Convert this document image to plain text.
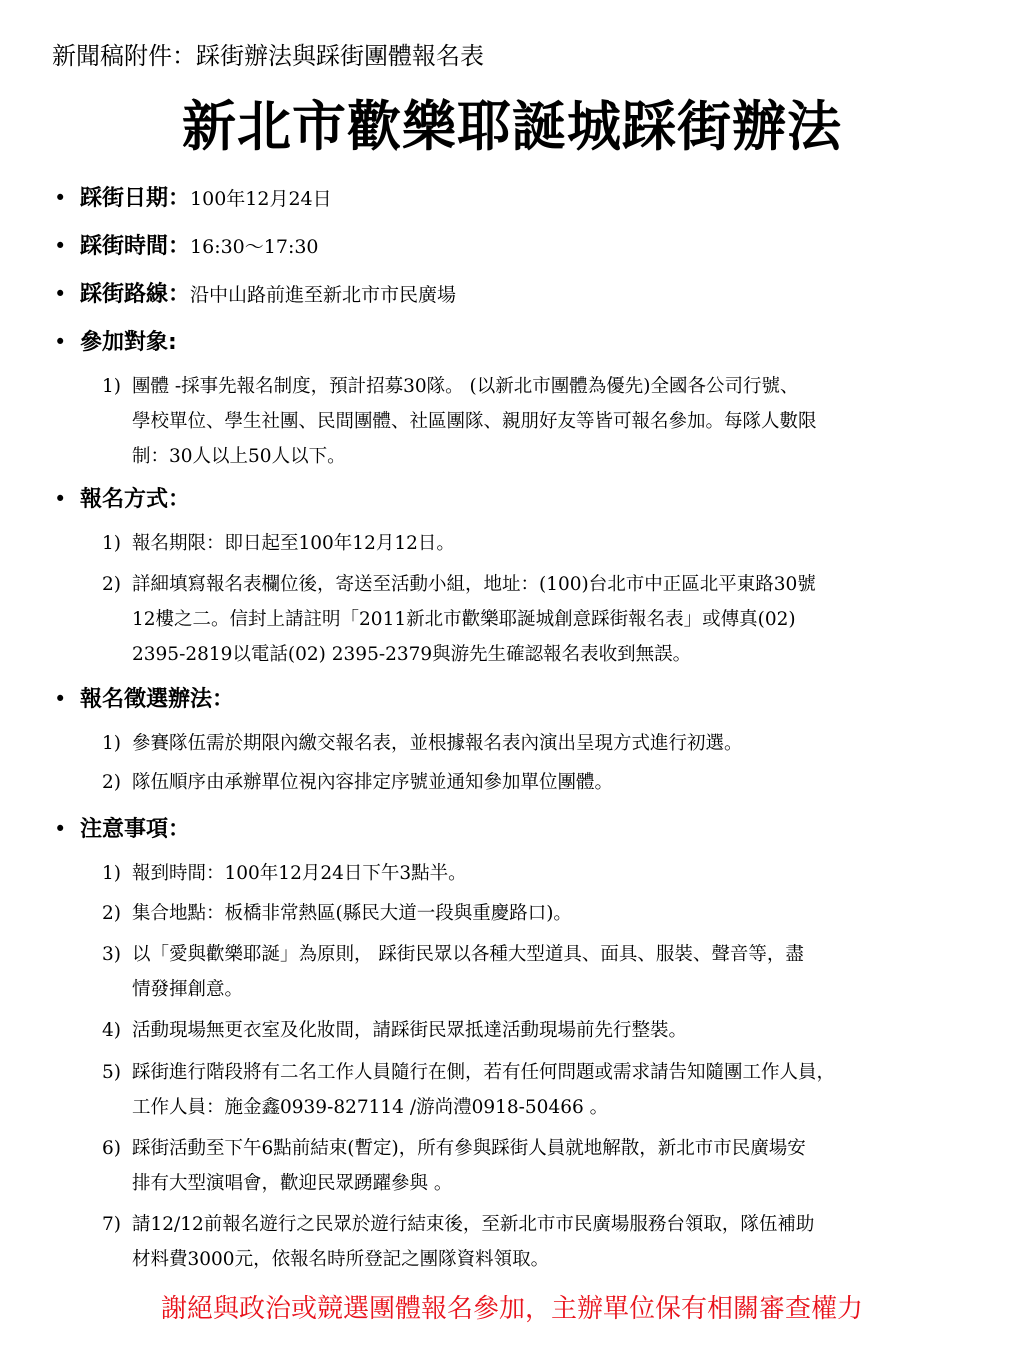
新聞稿附件：踩街辦法與踩街團體報名表
新北市歡樂耶誕城踩街辦法
• 踩街日期：100年12月24日
• 踩街時間：16:30～17:30
• 踩街路線：沿中山路前進至新北市市民廣場
• 參加對象:
1) 團體 -採事先報名制度，預計招募30隊。 (以新北市團體為優先)全國各公司行號、
學校單位、學生社團、民間團體、社區團隊、親朋好友等皆可報名參加。每隊人數限
制：30人以上50人以下。
• 報名方式：
1) 報名期限：即日起至100年12月12日。
2) 詳細填寫報名表欄位後，寄送至活動小組，地址：(100)台北市中正區北平東路30號
12樓之二。信封上請註明「2011新北市歡樂耶誕城創意踩街報名表」或傳真(02)
2395-2819以電話(02) 2395-2379與游先生確認報名表收到無誤。
• 報名徵選辦法：
1) 參賽隊伍需於期限內繳交報名表，並根據報名表內演出呈現方式進行初選。
2) 隊伍順序由承辦單位視內容排定序號並通知參加單位團體。
• 注意事項：
1) 報到時間：100年12月24日下午3點半。
2) 集合地點：板橋非常熱區(縣民大道一段與重慶路口)。
3) 以「愛與歡樂耶誕」為原則， 踩街民眾以各種大型道具、面具、服裝、聲音等，盡
情發揮創意。
4) 活動現場無更衣室及化妝間，請踩街民眾抵達活動現場前先行整裝。
5) 踩街進行階段將有二名工作人員隨行在側，若有任何問題或需求請告知隨團工作人員，
工作人員：施金鑫0939-827114 /游尚澧0918-50466 。
6) 踩街活動至下午6點前結束(暫定)，所有參與踩街人員就地解散，新北市市民廣場安
排有大型演唱會，歡迎民眾踴躍參與 。
7) 請12/12前報名遊行之民眾於遊行結束後，至新北市市民廣場服務台領取，隊伍補助
材料費3000元，依報名時所登記之團隊資料領取。
謝絕與政治或競選團體報名參加，主辦單位保有相關審查權力
